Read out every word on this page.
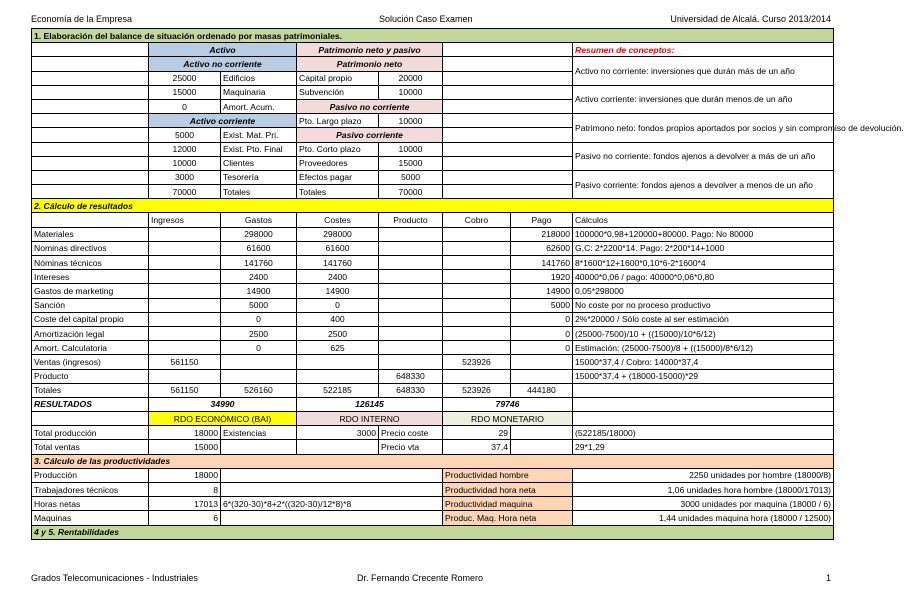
Economía de la Empresa	Solución Caso Examen	Universidad de Alcalá. Curso 2013/2014
1. Elaboración del balance de situación ordenado por masas patrimoniales.							
	Activo		Patrimonio neto y pasivo				Resumen de conceptos:
	Activo no corriente		Patrimonio neto				Activo no corriente: inversiones que durán más de un año
	25000	Edificios	Capital propio	20000			
	15000	Maquinaria	Subvención	10000			Activo corriente: inversiones que durán menos de un año
	0	Amort. Acum.	Pasivo no corriente				
	Activo corriente		Pto. Largo plazo	10000			Patrimono neto: fondos propios aportados por socios y sin compromiso de devolución.
	5000	Exist. Mat. Pri.	Pasivo corriente				
	12000	Exist. Pto. Final	Pto. Corto plazo	10000			Pasivo no corriente: fondos ajenos a devolver a más de un año
	10000	Clientes	Proveedores	15000			
	3000	Tesorería	Efectos pagar	5000			Pasivo corriente: fondos ajenos a devolver a menos de un año
	70000	Totales	Totales	70000			
2. Cálculo de resultados							
	Ingresos	Gastos	Costes	Producto	Cobro	Pago	Cálculos
Materiales		298000	298000			218000	100000*0,98+120000+80000. Pago: No 80000
Nominas directivos		61600	61600			62600	G,C: 2*2200*14. Pago: 2*200*14+1000
Nóminas técnicos		141760	141760			141760	8*1600*12+1600*0,10*6-2*1600*4
Intereses		2400	2400			1920	40000*0,06 / pago: 40000*0,06*0,80
Gastos de marketing		14900	14900			14900	0,05*298000
Sanción		5000	0			5000	No coste por no proceso productivo
Coste del capital propio		0	400			0	2%*20000 / Sólo coste al ser estimación
Amortización legal		2500	2500			0	(25000-7500)/10 + ((15000)/10*6/12)
Amort. Calculatoria		0	625			0	Estimación: (25000-7500)/8 + ((15000)/8*6/12)
Ventas (ingresos)	561150				523926		15000*37,4 / Cobro: 14000*37,4
Producto				648330			15000*37,4 + (18000-15000)*29
Totales	561150	526160	522185	648330	523926	444180	
RESULTADOS	34990		126145		79746		
	RDO ECONÓMICO (BAI)		RDO INTERNO		RDO MONETARIO		
Total producción	18000	Existencias	3000	Precio coste	29		(522185/18000)
Total ventas	15000			Precio vta	37,4		29*1,29
3. Cálculo de las productividades							
Producción	18000				Productividad hombre		2250 unidades por hombre (18000/8)
Trabajadores técnicos	8				Productividad hora neta		1,06 unidades hora hombre (18000/17013)
Horas netas	17013	6*(320-30)*8+2*((320-30)/12*8)*8			Productividad maquina		3000 unidades por maquina (18000 / 6)
Maquinas	6				Produc. Maq. Hora neta		1,44 unidades maquina hora (18000 / 12500)
4 y 5. Rentabilidades							
Grados Telecomunicaciones - Industriales	Dr. Fernando Crecente Romero	1
